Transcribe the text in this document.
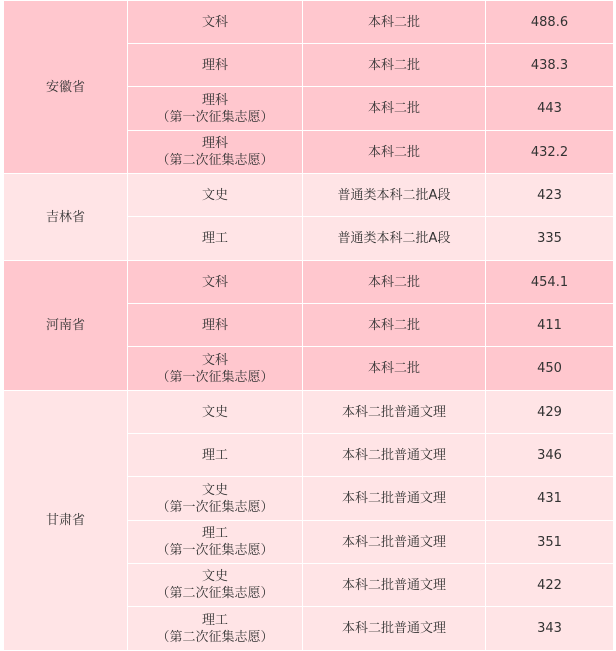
安徽省	文科	本科二批	488.6

	理科	本科二批	438.3

	理科
（第一次征集志愿）	本科二批	443

	理科
（第二次征集志愿）	本科二批	432.2
吉林省	文史	普通类本科二批A段	423

	理工	普通类本科二批A段	335
河南省	文科	本科二批	454.1

	理科	本科二批	411

	文科
（第一次征集志愿）	本科二批	450
甘肃省	文史	本科二批普通文理	429

	理工	本科二批普通文理	346

	文史
（第一次征集志愿）	本科二批普通文理	431

	理工
（第一次征集志愿）	本科二批普通文理	351

	文史
（第二次征集志愿）	本科二批普通文理	422

	理工
（第二次征集志愿）	本科二批普通文理	343
